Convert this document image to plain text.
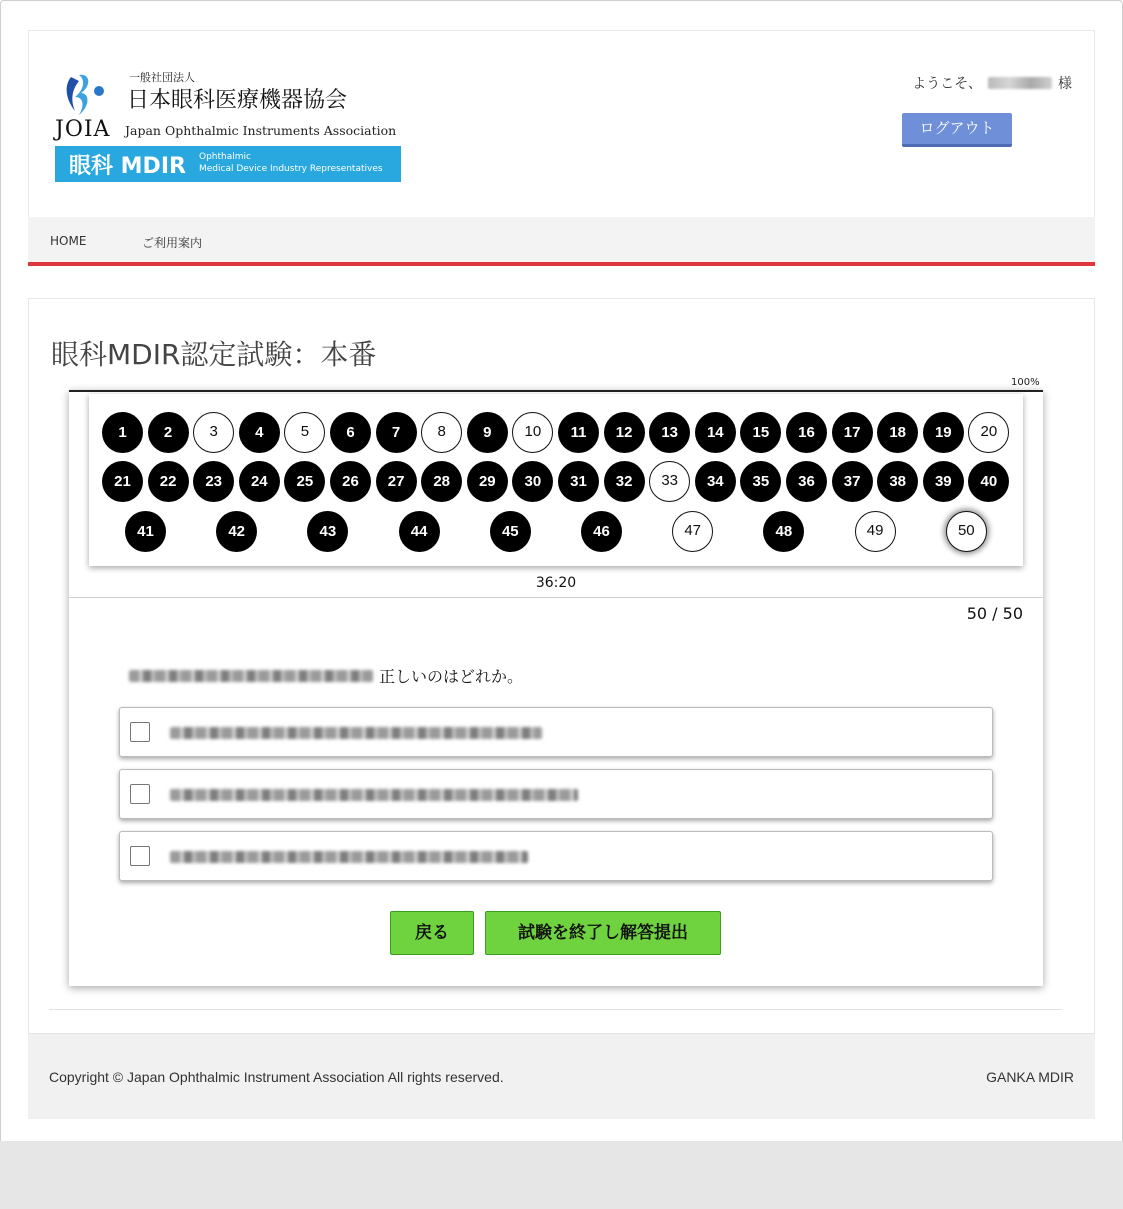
一般社団法人
日本眼科医療機器協会
JOIA Japan Ophthalmic Instruments Association
眼科 MDIR Ophthalmic
Medical Device Industry Representatives
ようこそ、	様
ログアウト
HOME	ご利用案内
眼科MDIR認定試験：本番
100%
1	2	3	4	5	6	7	8	9	10	11	12	13	14	15	16	17	18	19	20
21	22	23	24	25	26	27	28	29	30	31	32	33	34	35	36	37	38	39	40
41	42	43	44	45	46	47	48	49	50
36:20
50 / 50
正しいのはどれか。
戻る	試験を終了し解答提出
Copyright © Japan Ophthalmic Instrument Association All rights reserved.	GANKA MDIR
